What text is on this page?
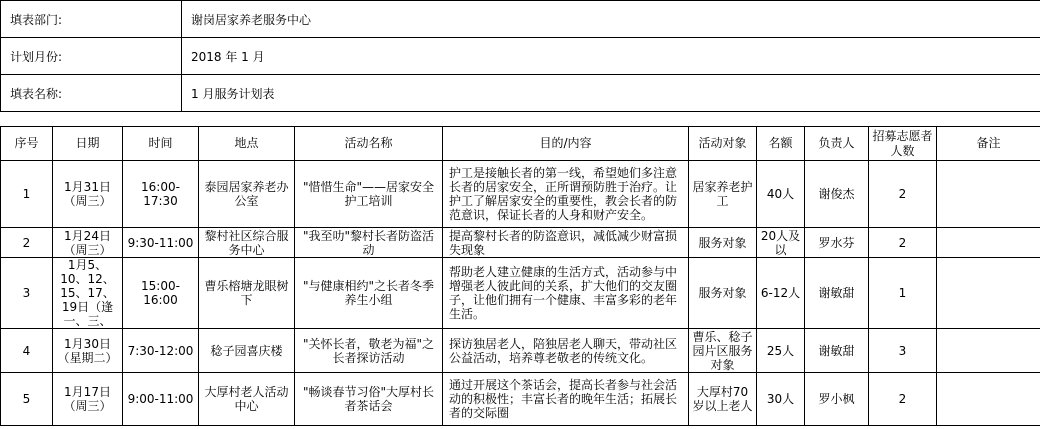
填表部门:	谢岗居家养老服务中心
计划月份:	2018 年 1 月
填表名称:	1 月服务计划表
序号	日期	时间	地点	活动名称	目的/内容	活动对象	名额	负责人	招募志愿者人数	备注
1	1月31日（周三）	16:00-17:30	泰园居家养老办公室	"惜惜生命"——居家安全护工培训	护工是接触长者的第一线，希望她们多注意长者的居家安全，正所谓预防胜于治疗。让护工了解居家安全的重要性，教会长者的防范意识，保证长者的人身和财产安全。	居家养老护工	40人	谢俊杰	2	
2	1月24日（周三）	9:30-11:00	黎村社区综合服务中心	"我至叻"黎村长者防盗活动	提高黎村长者的防盗意识，减低减少财富损失现象	服务对象	20人及以	罗水芬	2	
3	1月5、10、12、15、17、19日（逢一、三、	15:00-16:00	曹乐榕塘龙眼树下	"与健康相约"之长者冬季养生小组	帮助老人建立健康的生活方式，活动参与中增强老人彼此间的关系，扩大他们的交友圈子，让他们拥有一个健康、丰富多彩的老年生活。	服务对象	6-12人	谢敏甜	1	
4	1月30日（星期二）	7:30-12:00	稔子园喜庆楼	"关怀长者，敬老为福"之长者探访活动	探访独居老人，陪独居老人聊天，带动社区公益活动，培养尊老敬老的传统文化。	曹乐、稔子园片区服务对象	25人	谢敏甜	3	
5	1月17日（周三）	9:00-11:00	大厚村老人活动中心	"畅谈春节习俗"大厚村长者茶话会	通过开展这个茶话会，提高长者参与社会活动的积极性；丰富长者的晚年生活；拓展长者的交际圈	大厚村70岁以上老人	30人	罗小枫	2	
